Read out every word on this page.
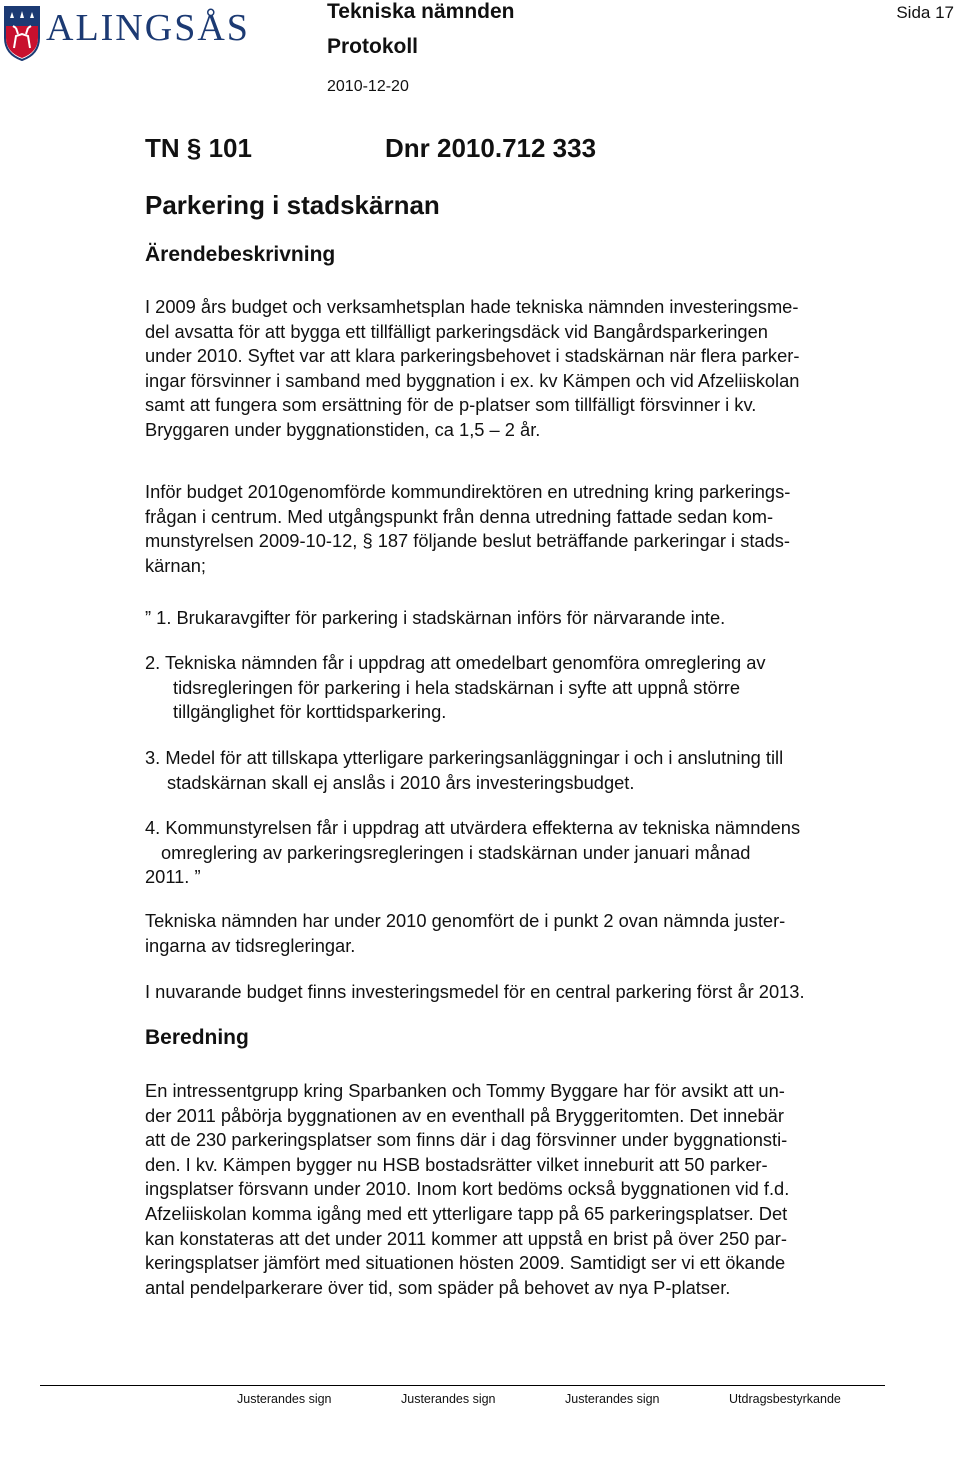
ALINGSÅS	Tekniska nämnden
Protokoll
2010-12-20
Sida 17
TN § 101	Dnr 2010.712 333
Parkering i stadskärnan
Ärendebeskrivning
I 2009 års budget och verksamhetsplan hade tekniska nämnden investeringsme-
del avsatta för att bygga ett tillfälligt parkeringsdäck vid Bangårdsparkeringen
under 2010. Syftet var att klara parkeringsbehovet i stadskärnan när flera parker-
ingar försvinner i samband med byggnation i ex. kv Kämpen och vid Afzeliiskolan
samt att fungera som ersättning för de p-platser som tillfälligt försvinner i kv.
Bryggaren under byggnationstiden, ca 1,5 – 2 år.
Inför budget 2010genomförde kommundirektören en utredning kring parkerings-
frågan i centrum. Med utgångspunkt från denna utredning fattade sedan kom-
munstyrelsen 2009-10-12, § 187 följande beslut beträffande parkeringar i stads-
kärnan;
” 1. Brukaravgifter för parkering i stadskärnan införs för närvarande inte.
2. Tekniska nämnden får i uppdrag att omedelbart genomföra omreglering av
tidsregleringen för parkering i hela stadskärnan i syfte att uppnå större
tillgänglighet för korttidsparkering.
3. Medel för att tillskapa ytterligare parkeringsanläggningar i och i anslutning till
stadskärnan skall ej anslås i 2010 års investeringsbudget.
4. Kommunstyrelsen får i uppdrag att utvärdera effekterna av tekniska nämndens
omreglering av parkeringsregleringen i stadskärnan under januari månad
2011. ”
Tekniska nämnden har under 2010 genomfört de i punkt 2 ovan nämnda juster-
ingarna av tidsregleringar.
I nuvarande budget finns investeringsmedel för en central parkering först år 2013.
Beredning
En intressentgrupp kring Sparbanken och Tommy Byggare har för avsikt att un-
der 2011 påbörja byggnationen av en eventhall på Bryggeritomten. Det innebär
att de 230 parkeringsplatser som finns där i dag försvinner under byggnationsti-
den. I kv. Kämpen bygger nu HSB bostadsrätter vilket inneburit att 50 parker-
ingsplatser försvann under 2010. Inom kort bedöms också byggnationen vid f.d.
Afzeliiskolan komma igång med ett ytterligare tapp på 65 parkeringsplatser. Det
kan konstateras att det under 2011 kommer att uppstå en brist på över 250 par-
keringsplatser jämfört med situationen hösten 2009. Samtidigt ser vi ett ökande
antal pendelparkerare över tid, som späder på behovet av nya P-platser.
Justerandes sign	Justerandes sign	Justerandes sign	Utdragsbestyrkande
